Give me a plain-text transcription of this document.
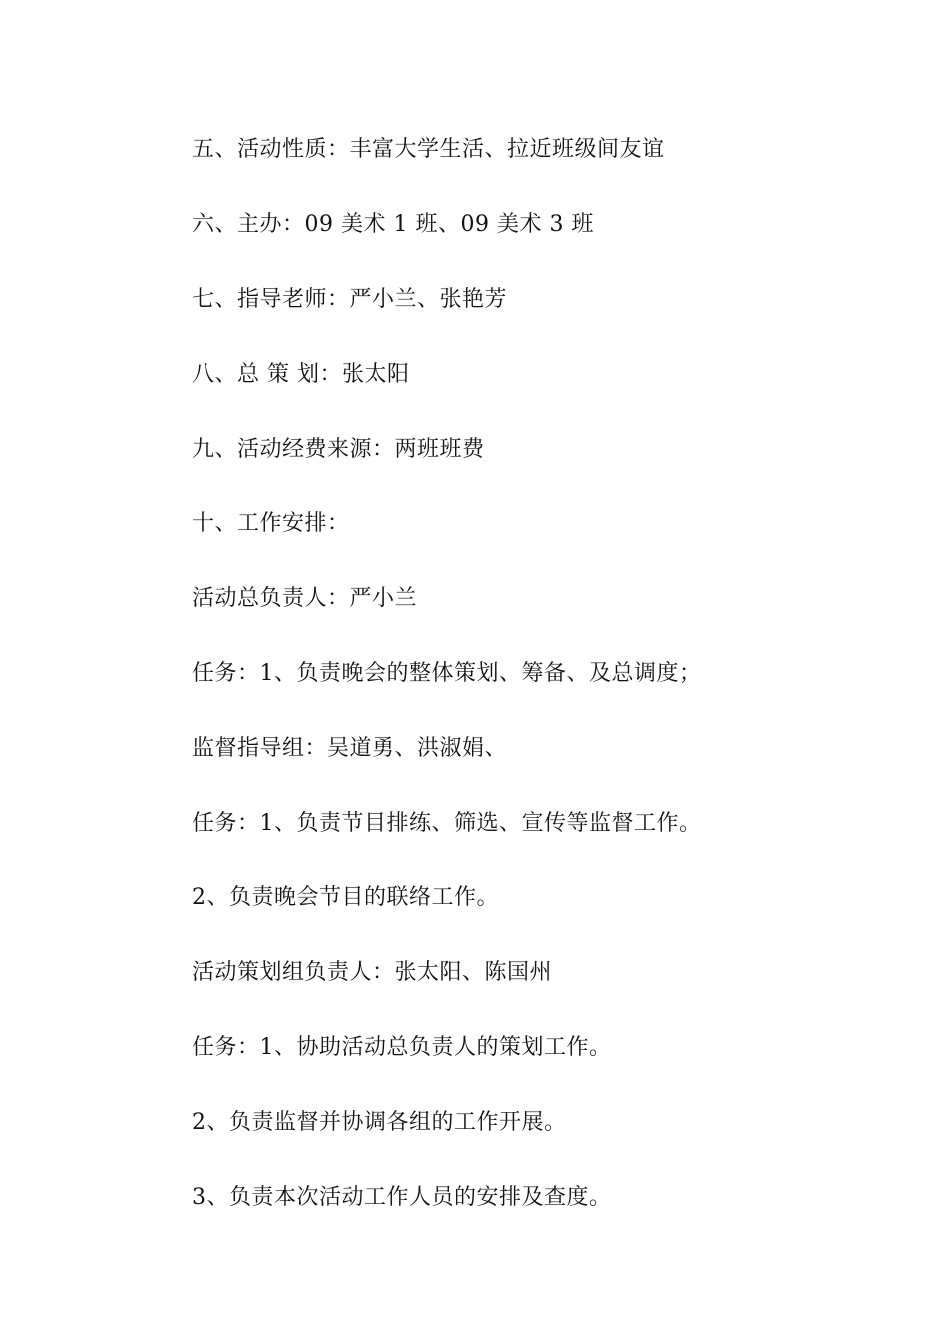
五、活动性质：丰富大学生活、拉近班级间友谊
六、主办：09 美术 1 班、09 美术 3 班
七、指导老师：严小兰、张艳芳
八、总 策 划：张太阳
九、活动经费来源：两班班费
十、工作安排：
活动总负责人：严小兰
任务：1、负责晚会的整体策划、筹备、及总调度；
监督指导组：吴道勇、洪淑娟、
任务：1、负责节目排练、筛选、宣传等监督工作。
2、负责晚会节目的联络工作。
活动策划组负责人：张太阳、陈国州
任务：1、协助活动总负责人的策划工作。
2、负责监督并协调各组的工作开展。
3、负责本次活动工作人员的安排及查度。
